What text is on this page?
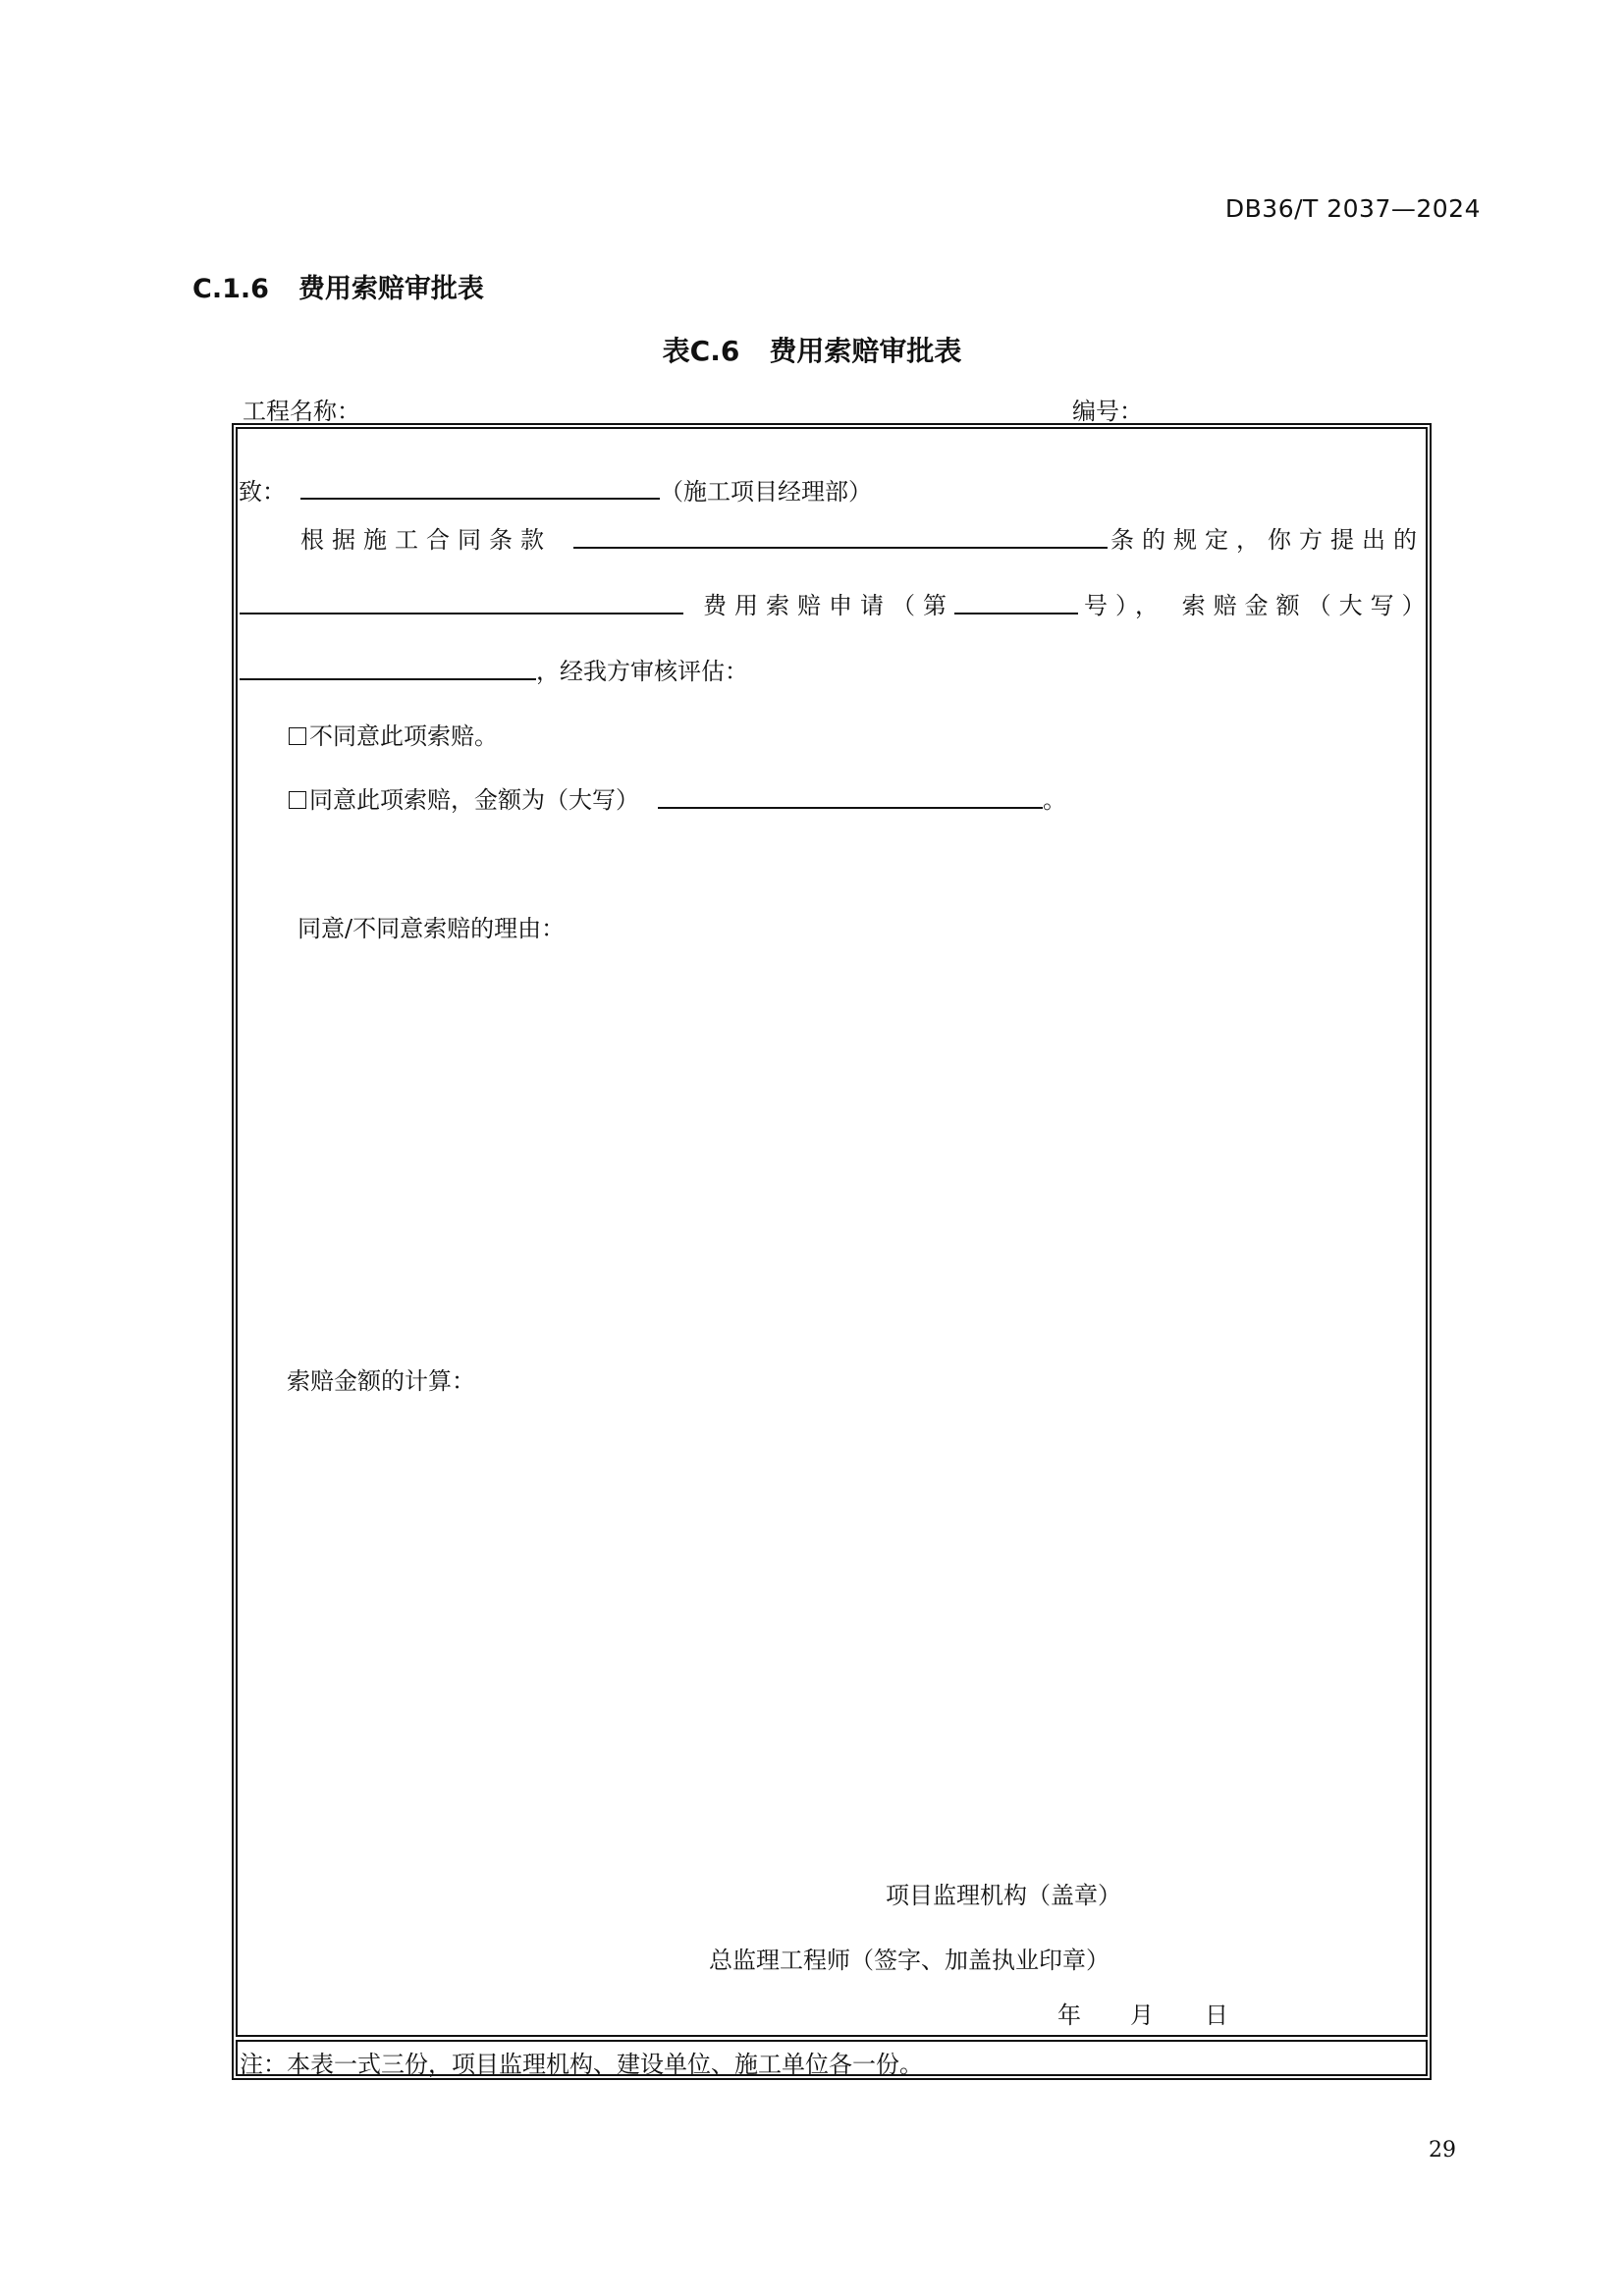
DB36/T 2037—2024
C.1.6 费用索赔审批表
表C.6 费用索赔审批表
工程名称：	编号：
致：	（施工项目经理部）
根据施工合同条款	条的规定，你方提出的
费用索赔申请（第	号）， 索赔金额（大写）
，经我方审核评估：
不同意此项索赔。
同意此项索赔，金额为（大写）	。
同意/不同意索赔的理由：
索赔金额的计算：
项目监理机构（盖章）
总监理工程师（签字、加盖执业印章）
年 月 日
注：本表一式三份，项目监理机构、建设单位、施工单位各一份。
29
